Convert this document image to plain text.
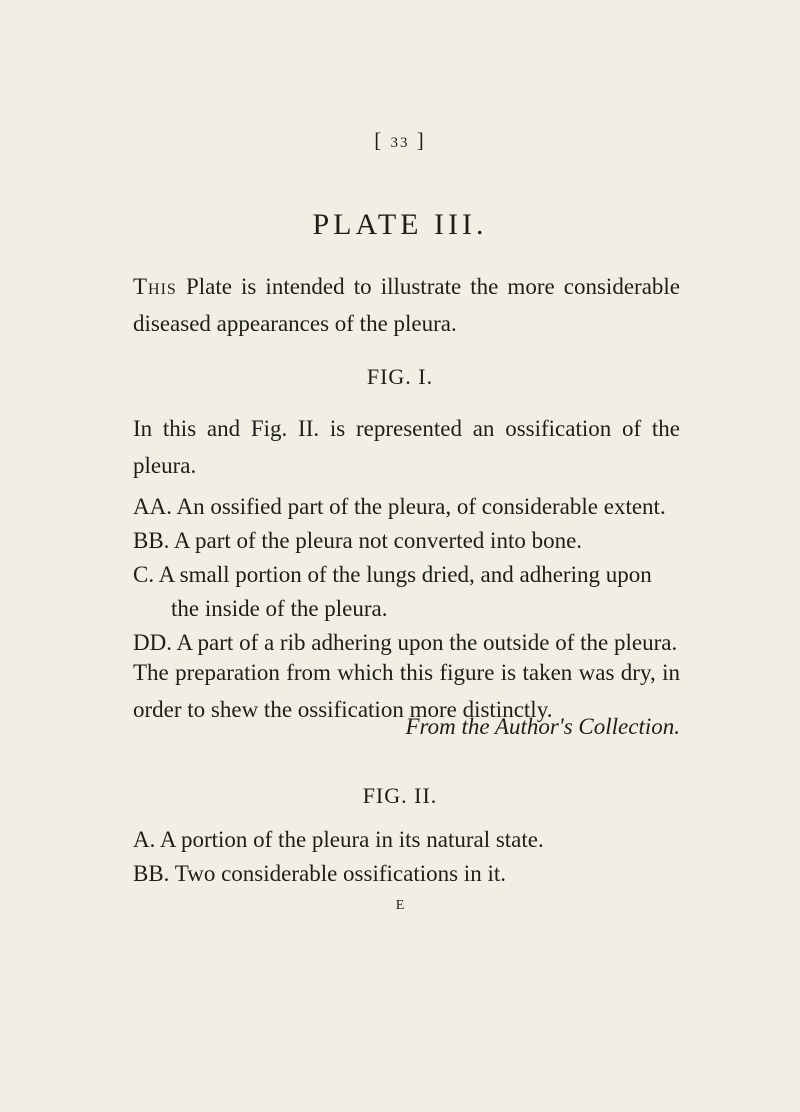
[ 33 ]
PLATE III.
This Plate is intended to illustrate the more considerable diseased appearances of the pleura.
FIG. I.
In this and Fig. II. is represented an ossification of the pleura.
AA. An ossified part of the pleura, of considerable extent.
BB. A part of the pleura not converted into bone.
C. A small portion of the lungs dried, and adhering upon
the inside of the pleura.
DD. A part of a rib adhering upon the outside of the pleura.
The preparation from which this figure is taken was dry, in order to shew the ossification more distinctly.
From the Author's Collection.
FIG. II.
A. A portion of the pleura in its natural state.
BB. Two considerable ossifications in it.
E
